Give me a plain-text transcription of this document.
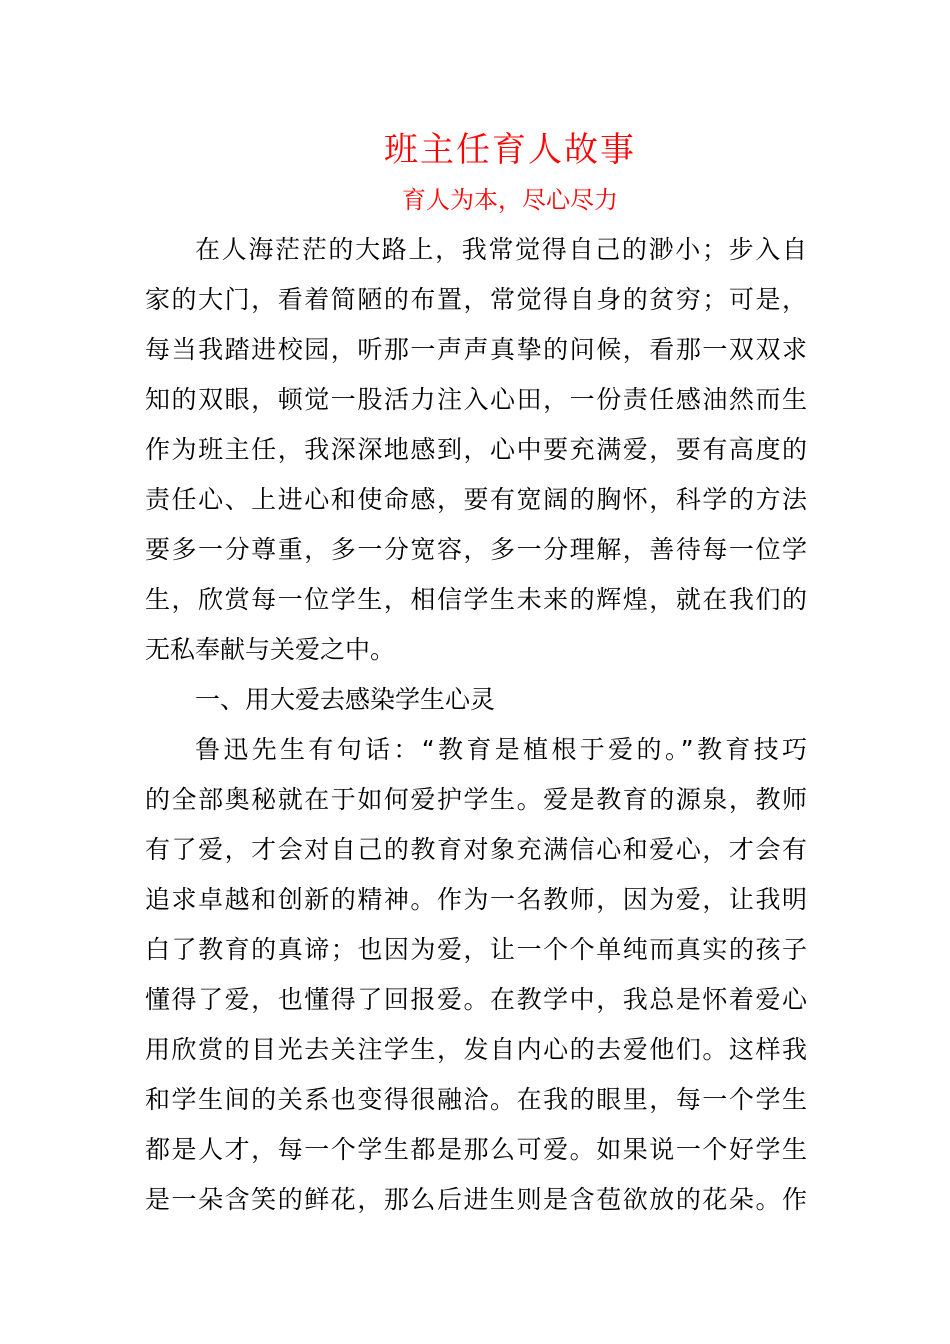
班主任育人故事
育人为本，尽心尽力
在人海茫茫的大路上，我常觉得自己的渺小；步入自
家的大门，看着简陋的布置，常觉得自身的贫穷；可是，
每当我踏进校园，听那一声声真挚的问候，看那一双双求
知的双眼，顿觉一股活力注入心田，一份责任感油然而生
作为班主任，我深深地感到，心中要充满爱，要有高度的
责任心、上进心和使命感，要有宽阔的胸怀，科学的方法
要多一分尊重，多一分宽容，多一分理解，善待每一位学
生，欣赏每一位学生，相信学生未来的辉煌，就在我们的
无私奉献与关爱之中。
一、用大爱去感染学生心灵
鲁迅先生有句话：“教育是植根于爱的。”教育技巧
的全部奥秘就在于如何爱护学生。爱是教育的源泉，教师
有了爱，才会对自己的教育对象充满信心和爱心，才会有
追求卓越和创新的精神。作为一名教师，因为爱，让我明
白了教育的真谛；也因为爱，让一个个单纯而真实的孩子
懂得了爱，也懂得了回报爱。在教学中，我总是怀着爱心
用欣赏的目光去关注学生，发自内心的去爱他们。这样我
和学生间的关系也变得很融洽。在我的眼里，每一个学生
都是人才，每一个学生都是那么可爱。如果说一个好学生
是一朵含笑的鲜花，那么后进生则是含苞欲放的花朵。作
